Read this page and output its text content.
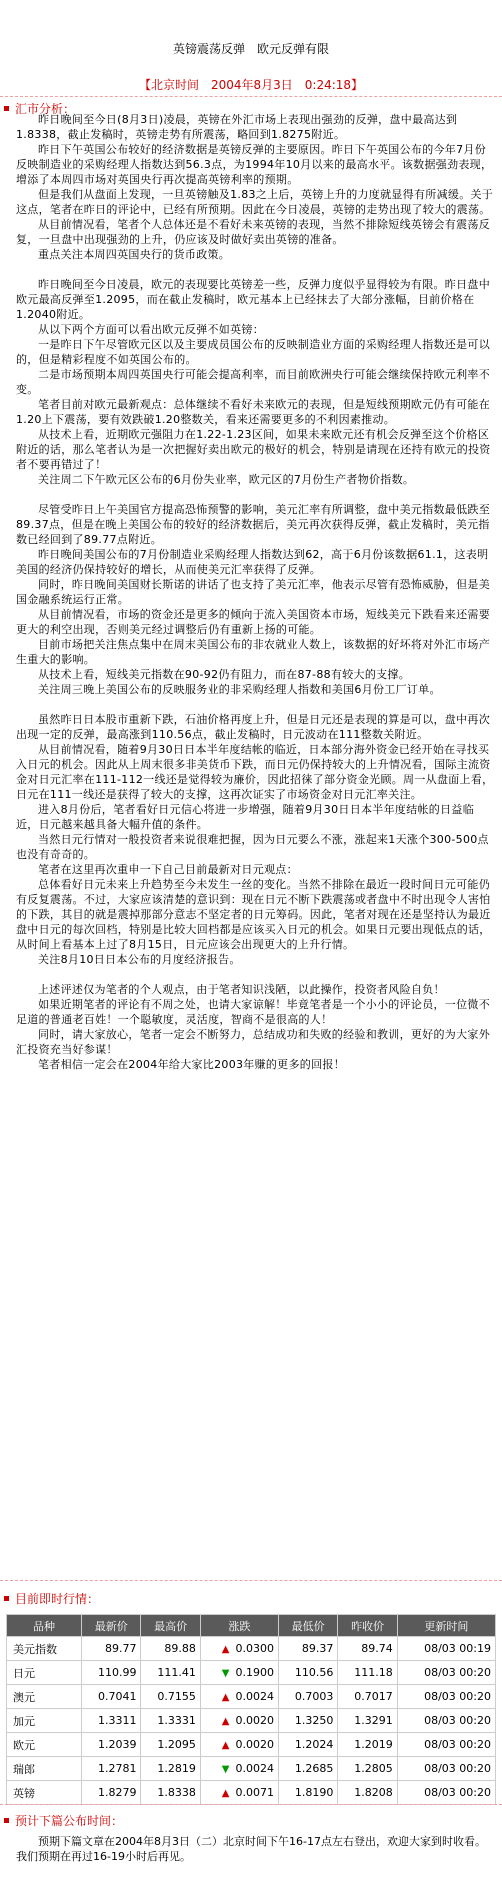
英镑震荡反弹　欧元反弹有限
【北京时间　2004年8月3日　0:24:18】
汇市分析：

昨日晚间至今日(8月3日)凌晨，英镑在外汇市场上表现出强劲的反弹，盘中最高达到1.8338，截止发稿时，英镑走势有所震荡，略回到1.8275附近。

昨日下午英国公布较好的经济数据是英镑反弹的主要原因。昨日下午英国公布的今年7月份反映制造业的采购经理人指数达到56.3点，为1994年10月以来的最高水平。该数据强劲表现，增添了本周四市场对英国央行再次提高英镑利率的预期。

但是我们从盘面上发现，一旦英镑触及1.83之上后，英镑上升的力度就显得有所减缓。关于这点，笔者在昨日的评论中，已经有所预期。因此在今日凌晨，英镑的走势出现了较大的震荡。

从目前情况看，笔者个人总体还是不看好未来英镑的表现，当然不排除短线英镑会有震荡反复，一旦盘中出现强劲的上升，仍应该及时做好卖出英镑的准备。

重点关注本周四英国央行的货币政策。

昨日晚间至今日凌晨，欧元的表现要比英镑差一些，反弹力度似乎显得较为有限。昨日盘中欧元最高反弹至1.2095，而在截止发稿时，欧元基本上已经抹去了大部分涨幅，目前价格在1.2040附近。

从以下两个方面可以看出欧元反弹不如英镑：

一是昨日下午尽管欧元区以及主要成员国公布的反映制造业方面的采购经理人指数还是可以的，但是精彩程度不如英国公布的。

二是市场预期本周四英国央行可能会提高利率，而目前欧洲央行可能会继续保持欧元利率不变。

笔者目前对欧元最新观点：总体继续不看好未来欧元的表现，但是短线预期欧元仍有可能在1.20上下震荡，要有效跌破1.20整数关，看来还需要更多的不利因素推动。

从技术上看，近期欧元强阻力在1.22-1.23区间，如果未来欧元还有机会反弹至这个价格区附近的话，那么笔者认为是一次把握好卖出欧元的极好的机会，特别是请现在还持有欧元的投资者不要再错过了！

关注周二下午欧元区公布的6月份失业率，欧元区的7月份生产者物价指数。

尽管受昨日上午美国官方提高恐怖预警的影响，美元汇率有所调整，盘中美元指数最低跌至89.37点，但是在晚上美国公布的较好的经济数据后，美元再次获得反弹，截止发稿时，美元指数已经回到了89.77点附近。

昨日晚间美国公布的7月份制造业采购经理人指数达到62，高于6月份该数据61.1，这表明美国的经济仍保持较好的增长，从而使美元汇率获得了反弹。

同时，昨日晚间美国财长斯诺的讲话了也支持了美元汇率，他表示尽管有恐怖威胁，但是美国金融系统运行正常。

从目前情况看，市场的资金还是更多的倾向于流入美国资本市场，短线美元下跌看来还需要更大的利空出现，否则美元经过调整后仍有重新上扬的可能。

目前市场把关注焦点集中在周末美国公布的非农就业人数上，该数据的好坏将对外汇市场产生重大的影响。

从技术上看，短线美元指数在90-92仍有阻力，而在87-88有较大的支撑。

关注周三晚上美国公布的反映服务业的非采购经理人指数和美国6月份工厂订单。

虽然昨日日本股市重新下跌，石油价格再度上升，但是日元还是表现的算是可以，盘中再次出现一定的反弹，最高涨到110.56点，截止发稿时，日元波动在111整数关附近。

从目前情况看，随着9月30日日本半年度结帐的临近，日本部分海外资金已经开始在寻找买入日元的机会。因此从上周末很多非美货币下跌，而日元仍保持较大的上升情况看，国际主流资金对日元汇率在111-112一线还是觉得较为廉价，因此招徕了部分资金光顾。周一从盘面上看，日元在111一线还是获得了较大的支撑，这再次证实了市场资金对日元汇率关注。

进入8月份后，笔者看好日元信心将进一步增强，随着9月30日日本半年度结帐的日益临近，日元越来越具备大幅升值的条件。

当然日元行情对一般投资者来说很难把握，因为日元要么不涨，涨起来1天涨个300-500点也没有奇奇的。

笔者在这里再次重申一下自己目前最新对日元观点：

总体看好日元未来上升趋势至今未发生一丝的变化。当然不排除在最近一段时间日元可能仍有反复震荡。不过，大家应该清楚的意识到：现在日元不断下跌震荡或者盘中不时出现令人害怕的下跌，其目的就是震掉那部分意志不坚定者的日元筹码。因此，笔者对现在还是坚持认为最近盘中日元的每次回档，特别是比较大回档都是应该买入日元的机会。如果日元要出现低点的话，从时间上看基本上过了8月15日，日元应该会出现更大的上升行情。

关注8月10日日本公布的月度经济报告。

上述评述仅为笔者的个人观点，由于笔者知识浅陋，以此操作，投资者风险自负！

如果近期笔者的评论有不周之处，也请大家谅解！毕竟笔者是一个小小的评论员，一位微不足道的普通老百姓！一个聪敏度，灵活度，智商不是很高的人！

同时，请大家放心，笔者一定会不断努力，总结成功和失败的经验和教训，更好的为大家外汇投资充当好参谋！

笔者相信一定会在2004年给大家比2003年赚的更多的回报！

目前即时行情：
品种	最新价	最高价	涨跌	最低价	昨收价	更新时间
美元指数	89.77	89.88	▲ 0.0300	89.37	89.74	08/03 00:19
日元	110.99	111.41	▼ 0.1900	110.56	111.18	08/03 00:20
澳元	0.7041	0.7155	▲ 0.0024	0.7003	0.7017	08/03 00:20
加元	1.3311	1.3331	▲ 0.0020	1.3250	1.3291	08/03 00:20
欧元	1.2039	1.2095	▲ 0.0020	1.2024	1.2019	08/03 00:20
瑞郎	1.2781	1.2819	▼ 0.0024	1.2685	1.2805	08/03 00:20
英镑	1.8279	1.8338	▲ 0.0071	1.8190	1.8208	08/03 00:20
预计下篇公布时间：

预期下篇文章在2004年8月3日（二）北京时间下午16-17点左右登出，欢迎大家到时收看。我们预期在再过16-19小时后再见。
